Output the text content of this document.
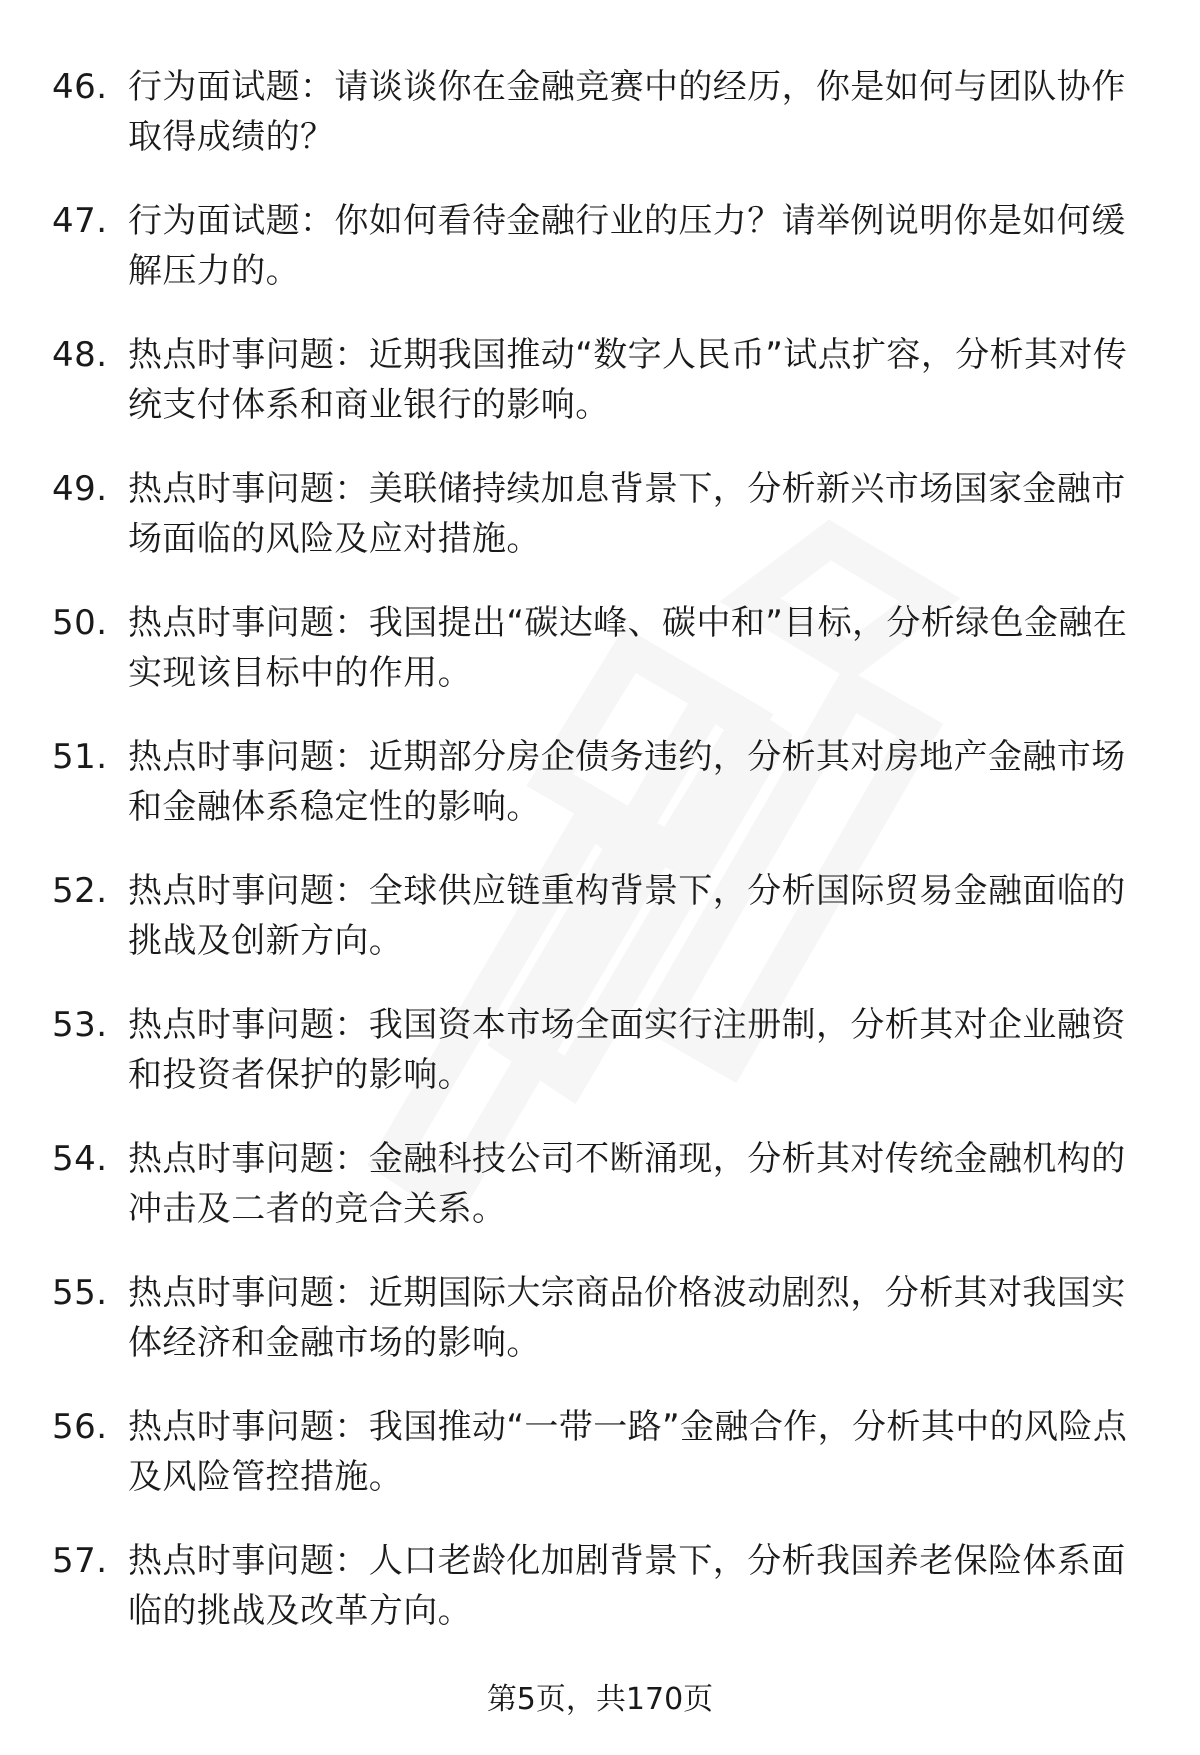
46. 行为面试题：请谈谈你在金融竞赛中的经历，你是如何与团队协作取得成绩的？
47. 行为面试题：你如何看待金融行业的压力？请举例说明你是如何缓解压力的。
48. 热点时事问题：近期我国推动“数字人民币”试点扩容，分析其对传统支付体系和商业银行的影响。
49. 热点时事问题：美联储持续加息背景下，分析新兴市场国家金融市场面临的风险及应对措施。
50. 热点时事问题：我国提出“碳达峰、碳中和”目标，分析绿色金融在实现该目标中的作用。
51. 热点时事问题：近期部分房企债务违约，分析其对房地产金融市场和金融体系稳定性的影响。
52. 热点时事问题：全球供应链重构背景下，分析国际贸易金融面临的挑战及创新方向。
53. 热点时事问题：我国资本市场全面实行注册制，分析其对企业融资和投资者保护的影响。
54. 热点时事问题：金融科技公司不断涌现，分析其对传统金融机构的冲击及二者的竞合关系。
55. 热点时事问题：近期国际大宗商品价格波动剧烈，分析其对我国实体经济和金融市场的影响。
56. 热点时事问题：我国推动“一带一路”金融合作，分析其中的风险点及风险管控措施。
57. 热点时事问题：人口老龄化加剧背景下，分析我国养老保险体系面临的挑战及改革方向。
第5页，共170页
